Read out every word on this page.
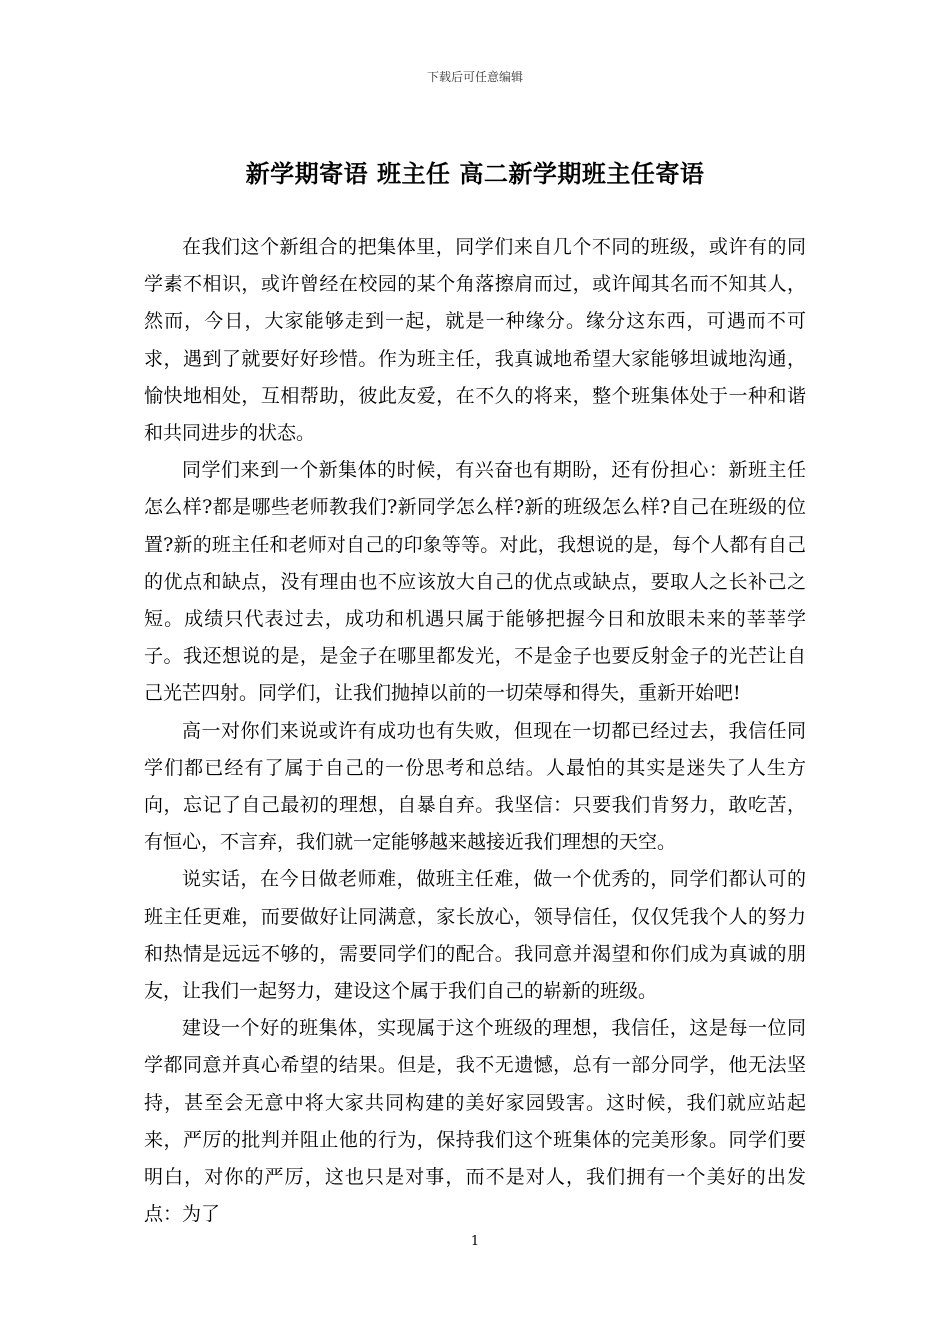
下载后可任意编辑
新学期寄语 班主任 高二新学期班主任寄语

在我们这个新组合的把集体里，同学们来自几个不同的班级，或许有的同学素不相识，或许曾经在校园的某个角落擦肩而过，或许闻其名而不知其人，然而，今日，大家能够走到一起，就是一种缘分。缘分这东西，可遇而不可求，遇到了就要好好珍惜。作为班主任，我真诚地希望大家能够坦诚地沟通，愉快地相处，互相帮助，彼此友爱，在不久的将来，整个班集体处于一种和谐和共同进步的状态。

同学们来到一个新集体的时候，有兴奋也有期盼，还有份担心：新班主任怎么样?都是哪些老师教我们?新同学怎么样?新的班级怎么样?自己在班级的位置?新的班主任和老师对自己的印象等等。对此，我想说的是，每个人都有自己的优点和缺点，没有理由也不应该放大自己的优点或缺点，要取人之长补己之短。成绩只代表过去，成功和机遇只属于能够把握今日和放眼未来的莘莘学子。我还想说的是，是金子在哪里都发光，不是金子也要反射金子的光芒让自己光芒四射。同学们，让我们抛掉以前的一切荣辱和得失，重新开始吧!

高一对你们来说或许有成功也有失败，但现在一切都已经过去，我信任同学们都已经有了属于自己的一份思考和总结。人最怕的其实是迷失了人生方向，忘记了自己最初的理想，自暴自弃。我坚信：只要我们肯努力，敢吃苦，有恒心，不言弃，我们就一定能够越来越接近我们理想的天空。

说实话，在今日做老师难，做班主任难，做一个优秀的，同学们都认可的班主任更难，而要做好让同满意，家长放心，领导信任，仅仅凭我个人的努力和热情是远远不够的，需要同学们的配合。我同意并渴望和你们成为真诚的朋友，让我们一起努力，建设这个属于我们自己的崭新的班级。

建设一个好的班集体，实现属于这个班级的理想，我信任，这是每一位同学都同意并真心希望的结果。但是，我不无遗憾，总有一部分同学，他无法坚持，甚至会无意中将大家共同构建的美好家园毁害。这时候，我们就应站起来，严厉的批判并阻止他的行为，保持我们这个班集体的完美形象。同学们要明白，对你的严厉，这也只是对事，而不是对人，我们拥有一个美好的出发点：为了

1
